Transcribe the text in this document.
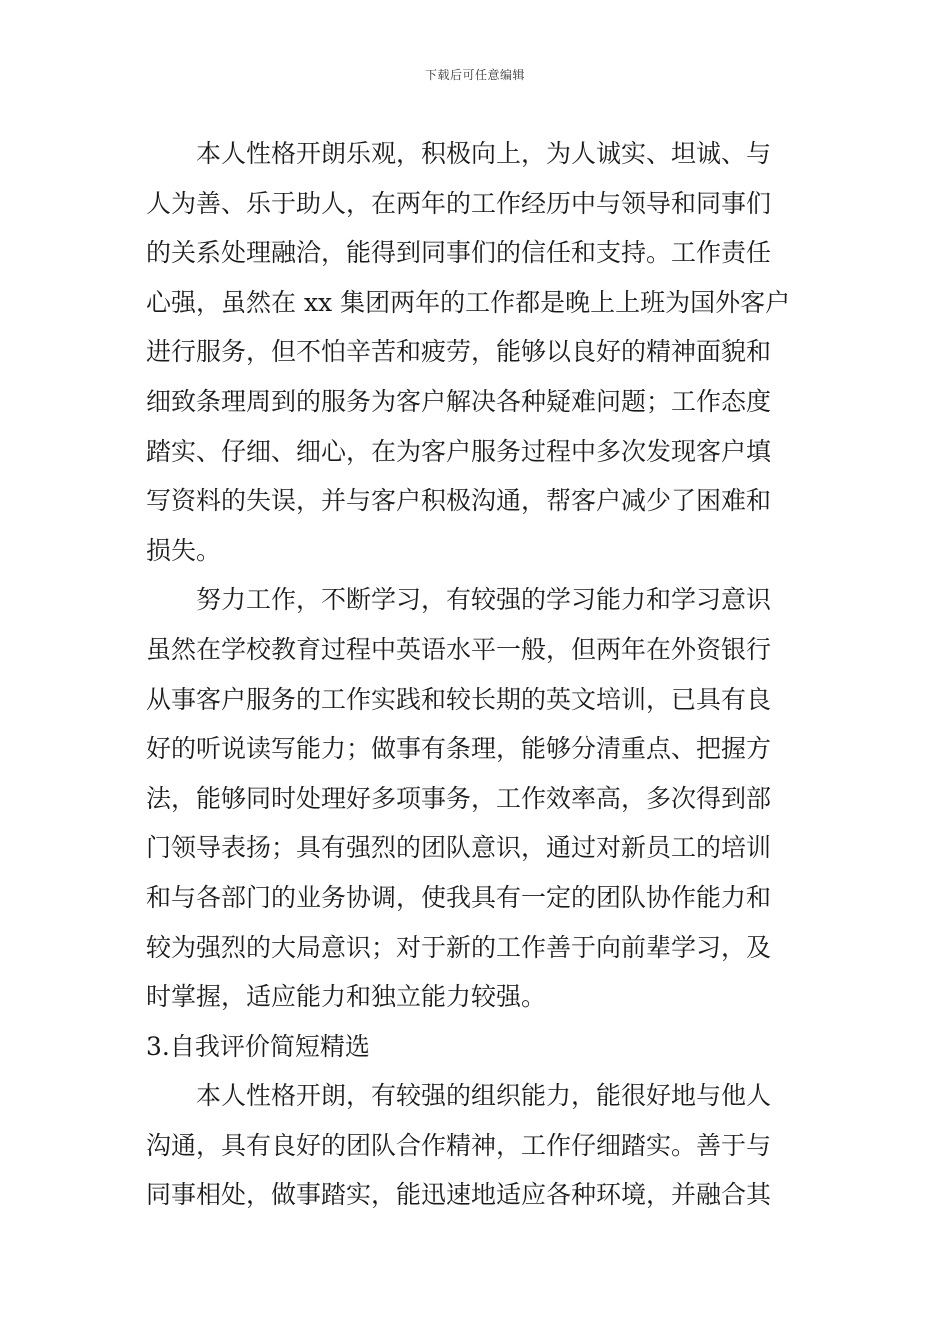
下载后可任意编辑
本人性格开朗乐观，积极向上，为人诚实、坦诚、与
人为善、乐于助人，在两年的工作经历中与领导和同事们
的关系处理融洽，能得到同事们的信任和支持。工作责任
心强，虽然在 xx 集团两年的工作都是晚上上班为国外客户
进行服务，但不怕辛苦和疲劳，能够以良好的精神面貌和
细致条理周到的服务为客户解决各种疑难问题；工作态度
踏实、仔细、细心，在为客户服务过程中多次发现客户填
写资料的失误，并与客户积极沟通，帮客户减少了困难和
损失。
努力工作，不断学习，有较强的学习能力和学习意识
虽然在学校教育过程中英语水平一般，但两年在外资银行
从事客户服务的工作实践和较长期的英文培训，已具有良
好的听说读写能力；做事有条理，能够分清重点、把握方
法，能够同时处理好多项事务，工作效率高，多次得到部
门领导表扬；具有强烈的团队意识，通过对新员工的培训
和与各部门的业务协调，使我具有一定的团队协作能力和
较为强烈的大局意识；对于新的工作善于向前辈学习，及
时掌握，适应能力和独立能力较强。
3.自我评价简短精选
本人性格开朗，有较强的组织能力，能很好地与他人
沟通，具有良好的团队合作精神，工作仔细踏实。善于与
同事相处，做事踏实，能迅速地适应各种环境，并融合其
